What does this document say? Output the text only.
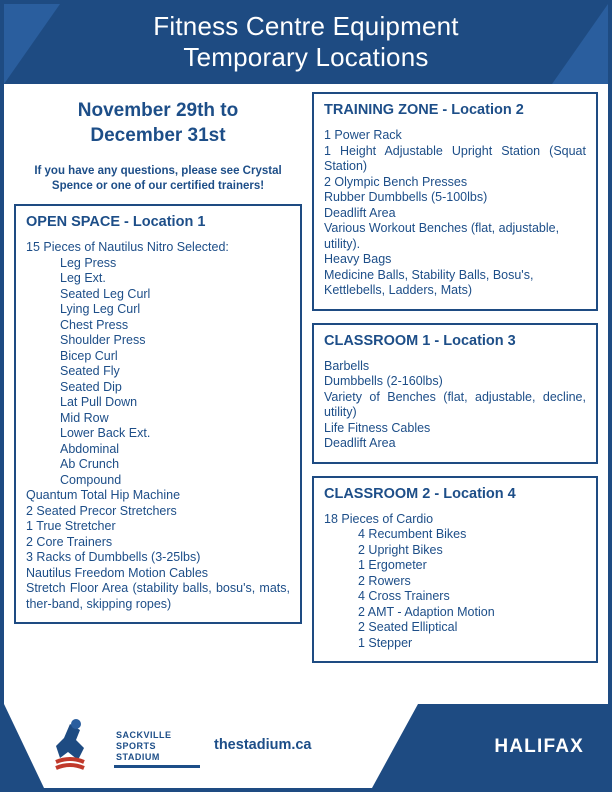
Fitness Centre Equipment
Temporary Locations
November 29th to
December 31st
If you have any questions, please see Crystal Spence or one of our certified trainers!
OPEN SPACE - Location 1
15 Pieces of Nautilus Nitro Selected:
Leg Press
Leg Ext.
Seated Leg Curl
Lying Leg Curl
Chest Press
Shoulder Press
Bicep Curl
Seated Fly
Seated Dip
Lat Pull Down
Mid Row
Lower Back Ext.
Abdominal
Ab Crunch
Compound
Quantum Total Hip Machine
2 Seated Precor Stretchers
1 True Stretcher
2 Core Trainers
3 Racks of Dumbbells (3-25lbs)
Nautilus Freedom Motion Cables
Stretch Floor Area (stability balls, bosu's, mats, ther-band, skipping ropes)
TRAINING ZONE - Location 2
1 Power Rack
1 Height Adjustable Upright Station (Squat Station)
2 Olympic Bench Presses
Rubber Dumbbells (5-100lbs)
Deadlift Area
Various Workout Benches (flat, adjustable, utility).
Heavy Bags
Medicine Balls, Stability Balls, Bosu's, Kettlebells, Ladders, Mats)
CLASSROOM 1 - Location 3
Barbells
Dumbbells (2-160lbs)
Variety of Benches (flat, adjustable, decline, utility)
Life Fitness Cables
Deadlift Area
CLASSROOM 2 - Location 4
18 Pieces of Cardio
4 Recumbent Bikes
2 Upright Bikes
1 Ergometer
2 Rowers
4 Cross Trainers
2 AMT - Adaption Motion
2 Seated Elliptical
1 Stepper
SACKVILLE
SPORTS
STADIUM
thestadium.ca	HALIFAX
